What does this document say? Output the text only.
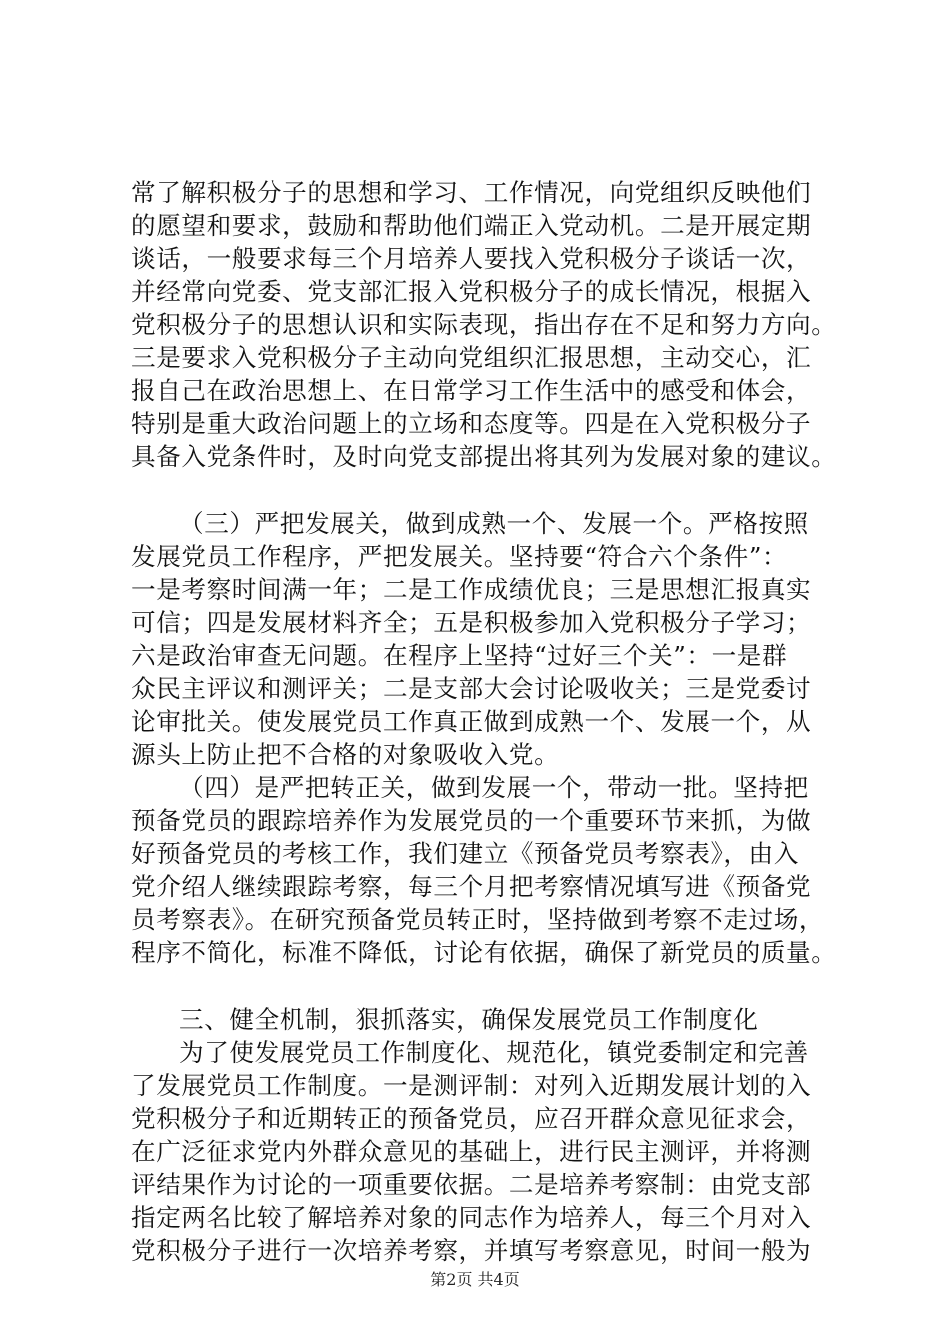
常了解积极分子的思想和学习、工作情况，向党组织反映他们
的愿望和要求，鼓励和帮助他们端正入党动机。二是开展定期
谈话，一般要求每三个月培养人要找入党积极分子谈话一次，
并经常向党委、党支部汇报入党积极分子的成长情况，根据入
党积极分子的思想认识和实际表现，指出存在不足和努力方向。
三是要求入党积极分子主动向党组织汇报思想，主动交心，汇
报自己在政治思想上、在日常学习工作生活中的感受和体会，
特别是重大政治问题上的立场和态度等。四是在入党积极分子
具备入党条件时，及时向党支部提出将其列为发展对象的建议。
（三）严把发展关，做到成熟一个、发展一个。严格按照
发展党员工作程序，严把发展关。坚持要“符合六个条件”：
一是考察时间满一年；二是工作成绩优良；三是思想汇报真实
可信；四是发展材料齐全；五是积极参加入党积极分子学习；
六是政治审查无问题。在程序上坚持“过好三个关”：一是群
众民主评议和测评关；二是支部大会讨论吸收关；三是党委讨
论审批关。使发展党员工作真正做到成熟一个、发展一个，从
源头上防止把不合格的对象吸收入党。
（四）是严把转正关，做到发展一个，带动一批。坚持把
预备党员的跟踪培养作为发展党员的一个重要环节来抓，为做
好预备党员的考核工作，我们建立《预备党员考察表》，由入
党介绍人继续跟踪考察，每三个月把考察情况填写进《预备党
员考察表》。在研究预备党员转正时，坚持做到考察不走过场，
程序不简化，标准不降低，讨论有依据，确保了新党员的质量。
三、健全机制，狠抓落实，确保发展党员工作制度化
为了使发展党员工作制度化、规范化，镇党委制定和完善
了发展党员工作制度。一是测评制：对列入近期发展计划的入
党积极分子和近期转正的预备党员，应召开群众意见征求会，
在广泛征求党内外群众意见的基础上，进行民主测评，并将测
评结果作为讨论的一项重要依据。二是培养考察制：由党支部
指定两名比较了解培养对象的同志作为培养人，每三个月对入
党积极分子进行一次培养考察，并填写考察意见，时间一般为
第2页 共4页
